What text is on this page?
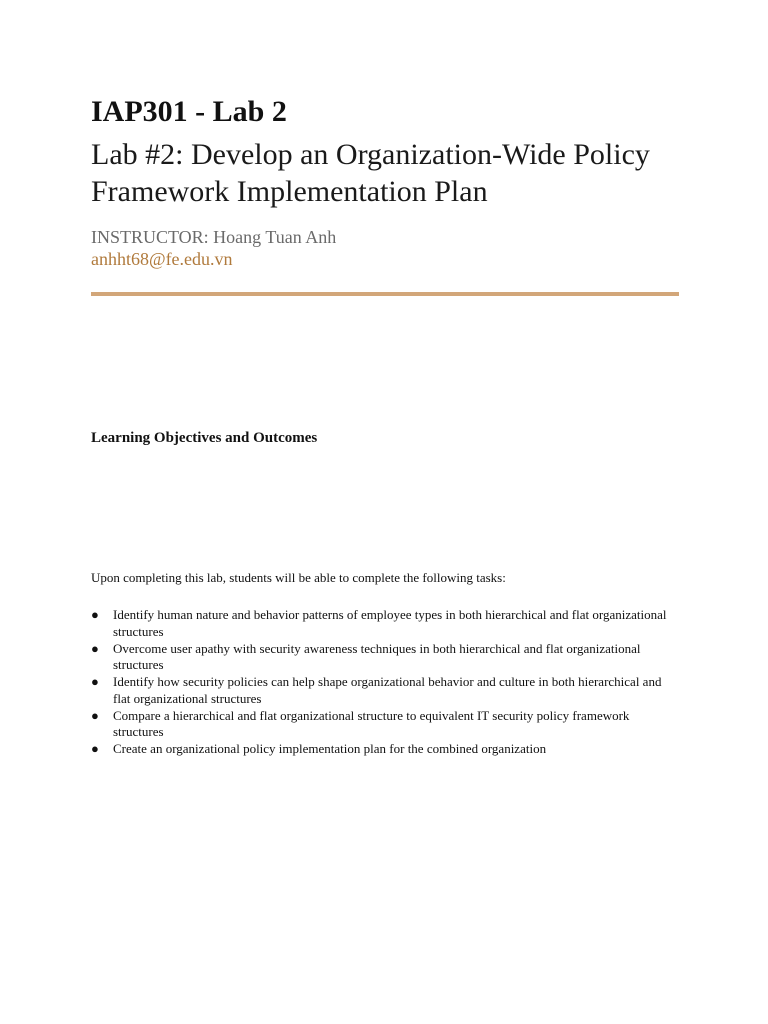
IAP301 - Lab 2
Lab #2: Develop an Organization-Wide Policy Framework Implementation Plan
INSTRUCTOR: Hoang Tuan Anh
anhht68@fe.edu.vn
Learning Objectives and Outcomes

Upon completing this lab, students will be able to complete the following tasks:

●	Identify human nature and behavior patterns of employee types in both hierarchical and flat organizational structures
●	Overcome user apathy with security awareness techniques in both hierarchical and flat organizational structures
●	Identify how security policies can help shape organizational behavior and culture in both hierarchical and flat organizational structures
●	Compare a hierarchical and flat organizational structure to equivalent IT security policy framework structures
●	Create an organizational policy implementation plan for the combined organization
